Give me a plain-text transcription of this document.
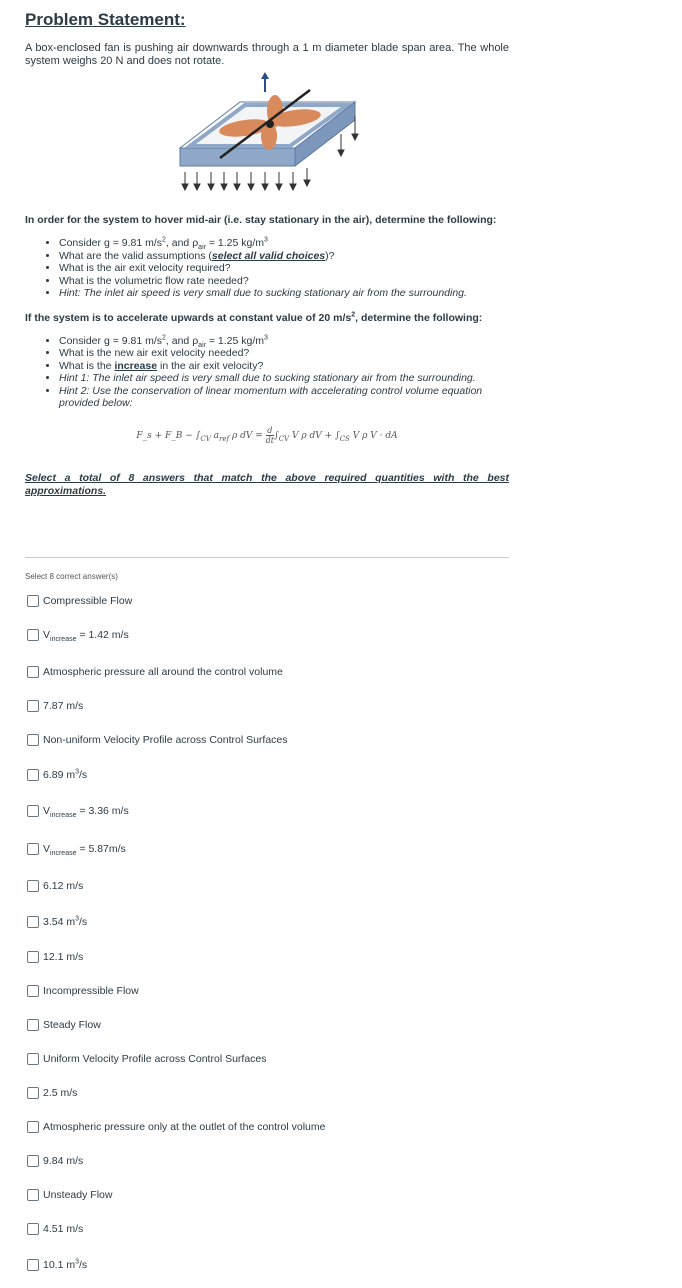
Problem Statement:
A box-enclosed fan is pushing air downwards through a 1 m diameter blade span area. The whole system weighs 20 N and does not rotate.
In order for the system to hover mid-air (i.e. stay stationary in the air), determine the following:
• Consider g = 9.81 $m/s^2$, and $\rho_{air} = 1.25$ $kg/m^3$
• What are the valid assumptions (select all valid choices)?
• What is the air exit velocity required?
• What is the volumetric flow rate needed?
• Hint: The inlet air speed is very small due to sucking stationary air from the surrounding.
If the system is to accelerate upwards at constant value of 20 $m/s^2$, determine the following:
• Consider g = 9.81 $m/s^2$, and $\rho_{air} = 1.25$ $kg/m^3$
• What is the new air exit velocity needed?
• What is the increase in the air exit velocity?
• Hint 1: The inlet air speed is very small due to sucking stationary air from the surrounding.
• Hint 2: Use the conservation of linear momentum with accelerating control volume equation provided below:
F_s + F_B − $\int_{CV}$ $a_{ref}$ ρ dV = $\frac{d}{dt} \int_{CV}$ V ρ dV + $\int_{CS}$ V ρ V · dA
Select a total of 8 answers that match the above required quantities with the best approximations.
Select 8 correct answer(s)
Compressible Flow
$V_{increase} = 1.42$ m/s
Atmospheric pressure all around the control volume
7.87 m/s
Non-uniform Velocity Profile across Control Surfaces
6.89 $m^3/s$
$V_{increase} = 3.36$ m/s
$V_{increase} = 5.87m/s$
6.12 m/s
3.54 $m^3/s$
12.1 m/s
Incompressible Flow
Steady Flow
Uniform Velocity Profile across Control Surfaces
2.5 m/s
Atmospheric pressure only at the outlet of the control volume
9.84 m/s
Unsteady Flow
4.51 m/s
10.1 $m^3/s$
